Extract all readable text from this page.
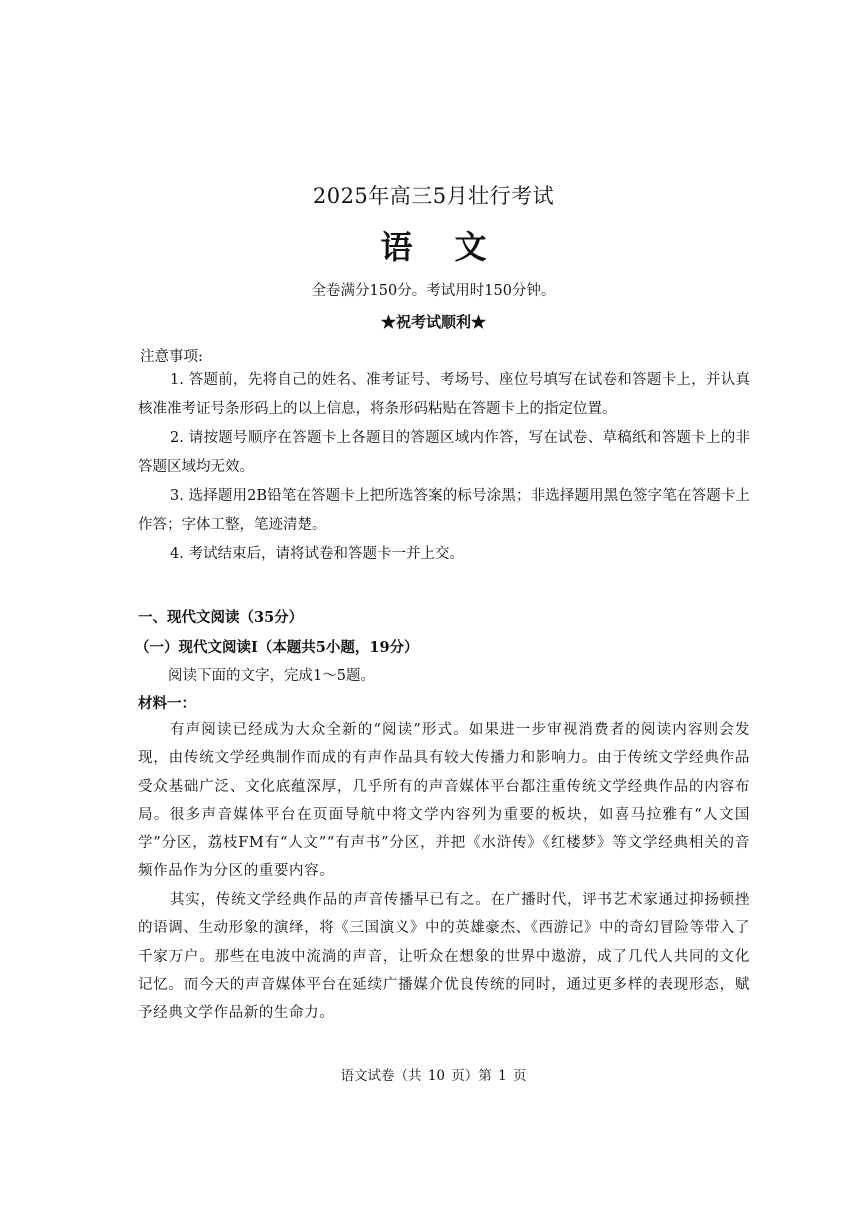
2025年高三5月壮行考试
语文
全卷满分150分。考试用时150分钟。
★祝考试顺利★
注意事项:
1. 答题前，先将自己的姓名、准考证号、考场号、座位号填写在试卷和答题卡上，并认真核准准考证号条形码上的以上信息，将条形码粘贴在答题卡上的指定位置。
2. 请按题号顺序在答题卡上各题目的答题区域内作答，写在试卷、草稿纸和答题卡上的非答题区域均无效。
3. 选择题用2B铅笔在答题卡上把所选答案的标号涂黑；非选择题用黑色签字笔在答题卡上作答；字体工整，笔迹清楚。
4. 考试结束后，请将试卷和答题卡一并上交。
一、现代文阅读（35分）
（一）现代文阅读Ⅰ（本题共5小题，19分）
阅读下面的文字，完成1～5题。
材料一：
有声阅读已经成为大众全新的“阅读”形式。如果进一步审视消费者的阅读内容则会发现，由传统文学经典制作而成的有声作品具有较大传播力和影响力。由于传统文学经典作品受众基础广泛、文化底蕴深厚，几乎所有的声音媒体平台都注重传统文学经典作品的内容布局。很多声音媒体平台在页面导航中将文学内容列为重要的板块，如喜马拉雅有“人文国学”分区，荔枝FM有“人文”“有声书”分区，并把《水浒传》《红楼梦》等文学经典相关的音频作品作为分区的重要内容。
其实，传统文学经典作品的声音传播早已有之。在广播时代，评书艺术家通过抑扬顿挫的语调、生动形象的演绎，将《三国演义》中的英雄豪杰、《西游记》中的奇幻冒险等带入了千家万户。那些在电波中流淌的声音，让听众在想象的世界中遨游，成了几代人共同的文化记忆。而今天的声音媒体平台在延续广播媒介优良传统的同时，通过更多样的表现形态，赋予经典文学作品新的生命力。
语文试卷（共 10 页）第 1 页
